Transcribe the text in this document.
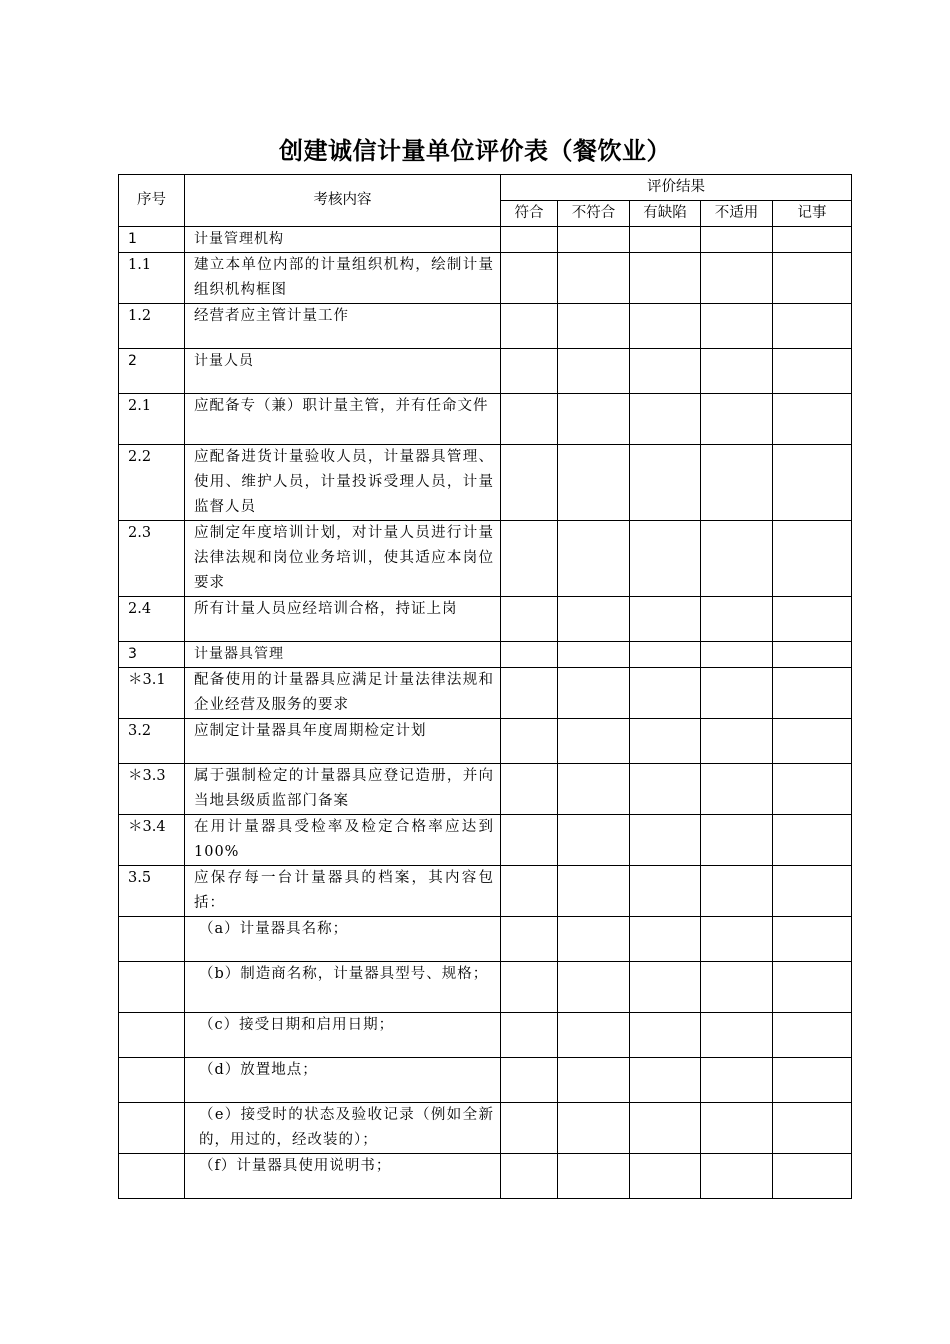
创建诚信计量单位评价表（餐饮业）
序号	考核内容	评价结果				
		符合	不符合	有缺陷	不适用	记事
1	计量管理机构					
1.1	建立本单位内部的计量组织机构，绘制计量组织机构框图					
1.2	经营者应主管计量工作					
2	计量人员					
2.1	应配备专（兼）职计量主管，并有任命文件					
2.2	应配备进货计量验收人员，计量器具管理、使用、维护人员，计量投诉受理人员，计量监督人员					
2.3	应制定年度培训计划，对计量人员进行计量法律法规和岗位业务培训，使其适应本岗位要求					
2.4	所有计量人员应经培训合格，持证上岗					
3	计量器具管理					
＊3.1	配备使用的计量器具应满足计量法律法规和企业经营及服务的要求					
3.2	应制定计量器具年度周期检定计划					
＊3.3	属于强制检定的计量器具应登记造册，并向当地县级质监部门备案					
＊3.4	在用计量器具受检率及检定合格率应达到100%					
3.5	应保存每一台计量器具的档案，其内容包括：					
	（a）计量器具名称；					
	（b）制造商名称，计量器具型号、规格；					
	（c）接受日期和启用日期；					
	（d）放置地点；					
	（e）接受时的状态及验收记录（例如全新的，用过的，经改装的）；					
	（f）计量器具使用说明书；					
